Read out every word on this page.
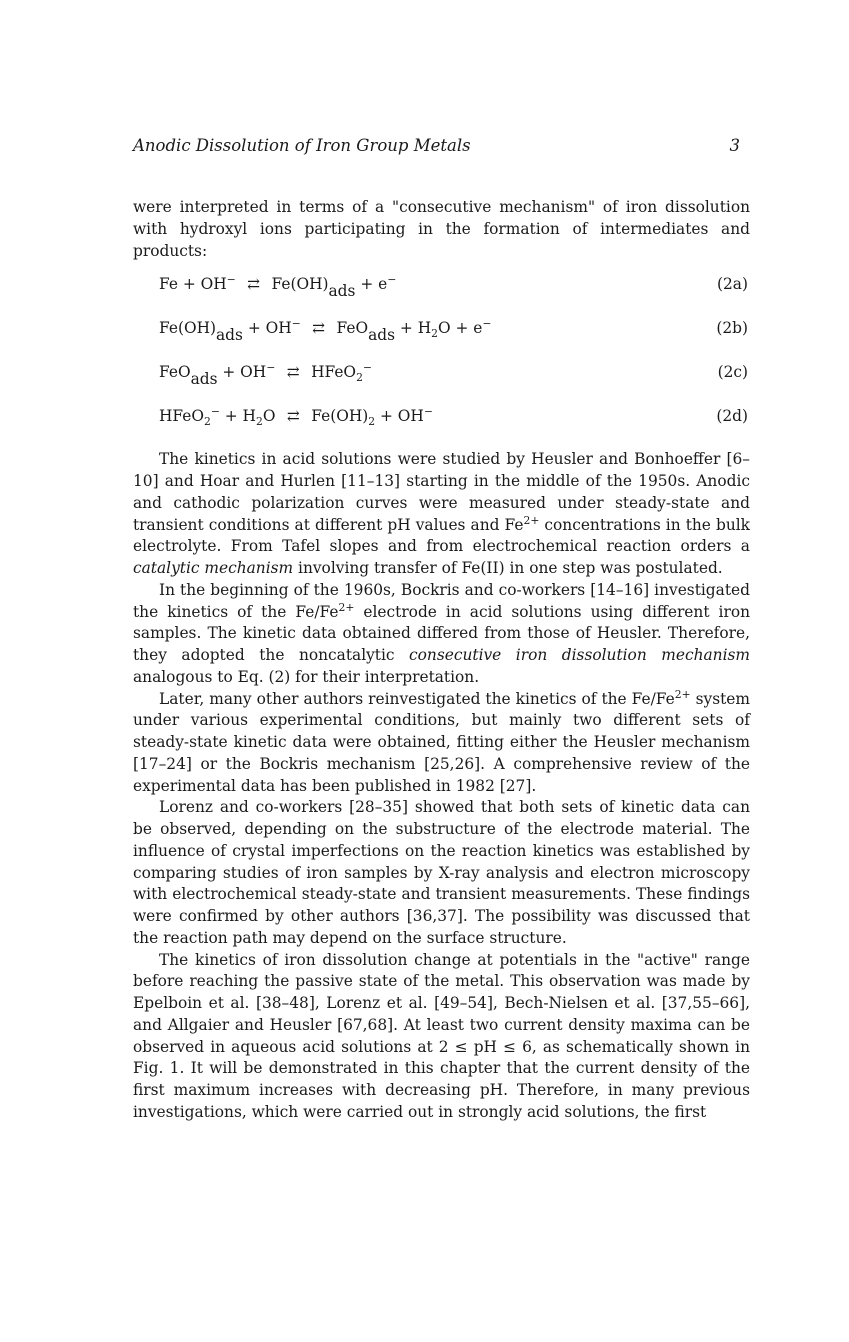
Anodic Dissolution of Iron Group Metals	3

were interpreted in terms of a "consecutive mechanism" of iron dissolution with hydroxyl ions participating in the formation of intermediates and products:

Fe + OH− ⇄ Fe(OH)ads + e−	(2a)
Fe(OH)ads + OH− ⇄ FeOads + $H_2O + e^-$	(2b)
FeOads + OH− ⇄ HFeO$_2$−	(2c)
HFeO$_2$− + $H_2O$ ⇄ $Fe(OH)_2 + OH^-$	(2d)

The kinetics in acid solutions were studied by Heusler and Bonhoeffer [6–10] and Hoar and Hurlen [11–13] starting in the middle of the 1950s. Anodic and cathodic polarization curves were measured under steady-state and transient conditions at different pH values and $Fe^{2+}$ concentrations in the bulk electrolyte. From Tafel slopes and from electrochemical reaction orders a catalytic mechanism involving transfer of Fe(II) in one step was postulated.

In the beginning of the 1960s, Bockris and co-workers [14–16] investigated the kinetics of the $Fe/Fe^{2+}$ electrode in acid solutions using different iron samples. The kinetic data obtained differed from those of Heusler. Therefore, they adopted the noncatalytic consecutive iron dissolution mechanism analogous to Eq. (2) for their interpretation.

Later, many other authors reinvestigated the kinetics of the $Fe/Fe^{2+}$ system under various experimental conditions, but mainly two different sets of steady-state kinetic data were obtained, fitting either the Heusler mechanism [17–24] or the Bockris mechanism [25,26]. A comprehensive review of the experimental data has been published in 1982 [27].

Lorenz and co-workers [28–35] showed that both sets of kinetic data can be observed, depending on the substructure of the electrode material. The influence of crystal imperfections on the reaction kinetics was established by comparing studies of iron samples by X-ray analysis and electron microscopy with electrochemical steady-state and transient measurements. These findings were confirmed by other authors [36,37]. The possibility was discussed that the reaction path may depend on the surface structure.

The kinetics of iron dissolution change at potentials in the "active" range before reaching the passive state of the metal. This observation was made by Epelboin et al. [38–48], Lorenz et al. [49–54], Bech-Nielsen et al. [37,55–66], and Allgaier and Heusler [67,68]. At least two current density maxima can be observed in aqueous acid solutions at 2 ≤ pH ≤ 6, as schematically shown in Fig. 1. It will be demonstrated in this chapter that the current density of the first maximum increases with decreasing pH. Therefore, in many previous investigations, which were carried out in strongly acid solutions, the first
